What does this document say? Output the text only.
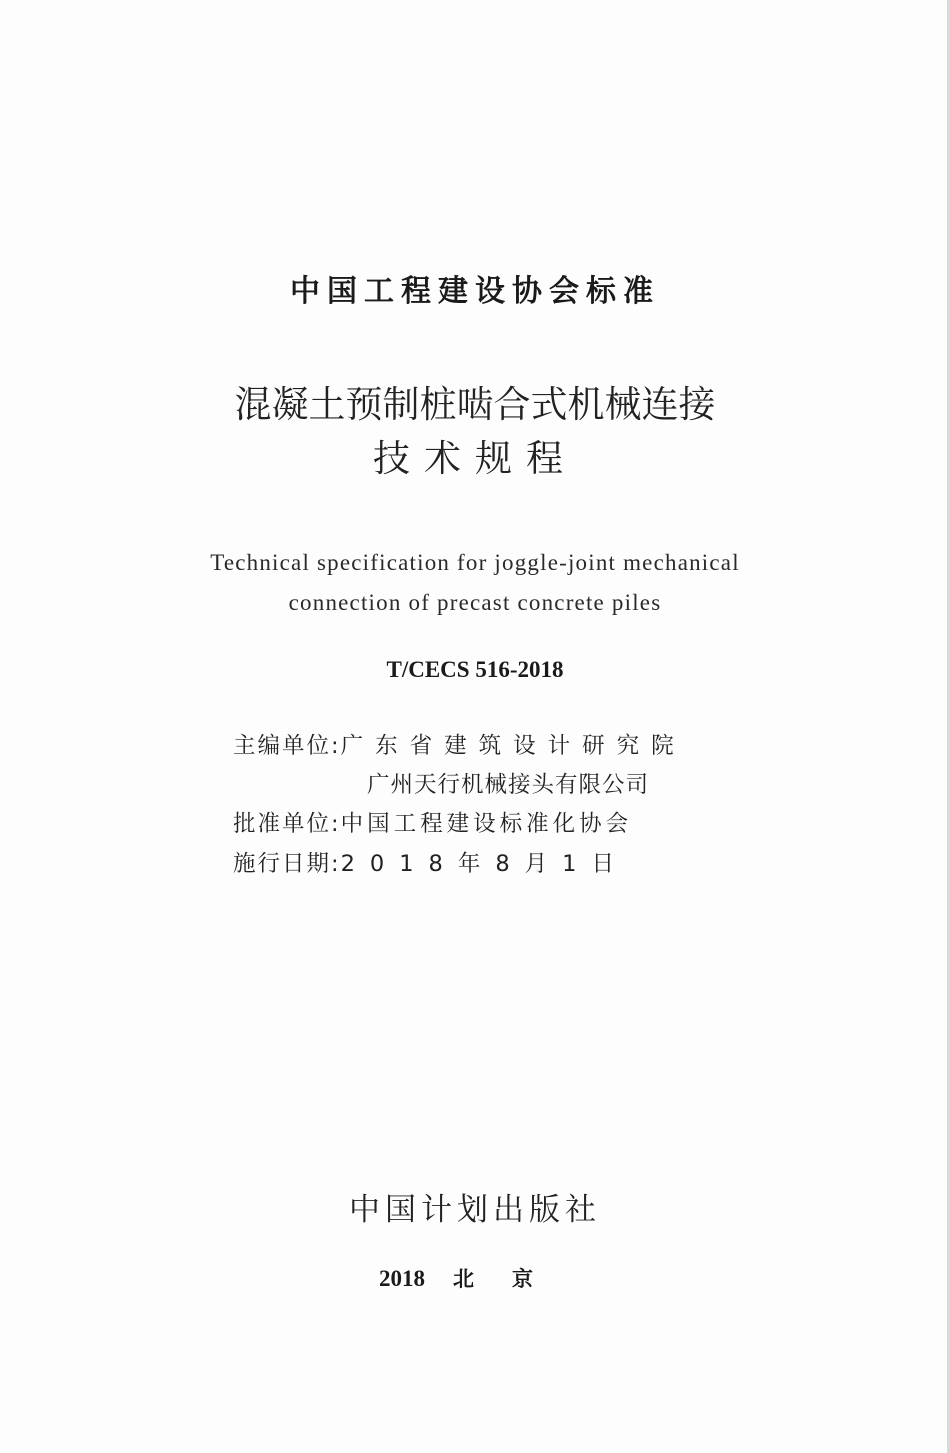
中国工程建设协会标准
混凝土预制桩啮合式机械连接
技术规程
Technical specification for joggle-joint mechanical
connection of precast concrete piles
T/CECS 516-2018
主编单位:广东省建筑设计研究院
广州天行机械接头有限公司
批准单位:中国工程建设标准化协会
施行日期:2018年8月1日
中国计划出版社
2018 北京
